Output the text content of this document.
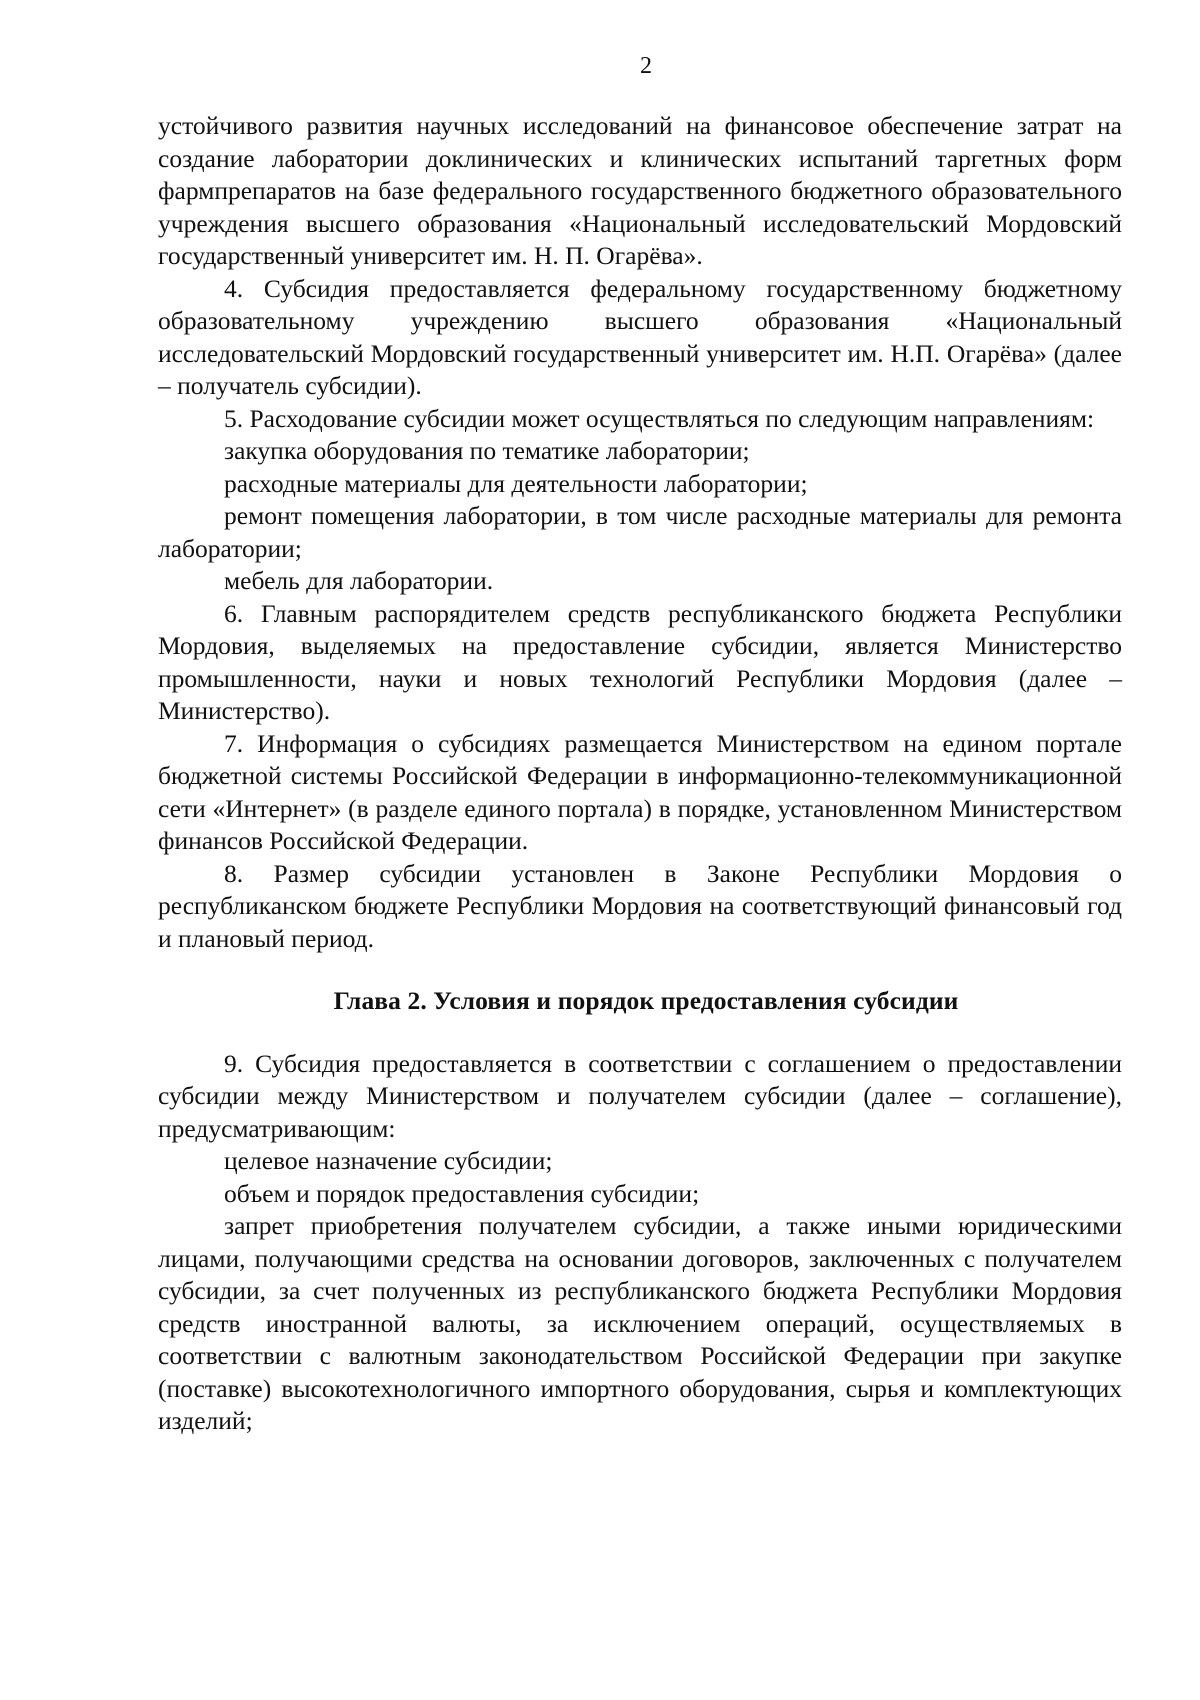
2
устойчивого развития научных исследований на финансовое обеспечение затрат на создание лаборатории доклинических и клинических испытаний таргетных форм фармпрепаратов на базе федерального государственного бюджетного образовательного учреждения высшего образования «Национальный исследовательский Мордовский государственный университет им. Н. П. Огарёва».
4. Субсидия предоставляется федеральному государственному бюджетному образовательному учреждению высшего образования «Национальный исследовательский Мордовский государственный университет им. Н.П. Огарёва» (далее – получатель субсидии).
5. Расходование субсидии может осуществляться по следующим направлениям:
закупка оборудования по тематике лаборатории;
расходные материалы для деятельности лаборатории;
ремонт помещения лаборатории, в том числе расходные материалы для ремонта лаборатории;
мебель для лаборатории.
6. Главным распорядителем средств республиканского бюджета Республики Мордовия, выделяемых на предоставление субсидии, является Министерство промышленности, науки и новых технологий Республики Мордовия (далее – Министерство).
7. Информация о субсидиях размещается Министерством на едином портале бюджетной системы Российской Федерации в информационно-телекоммуникационной сети «Интернет» (в разделе единого портала) в порядке, установленном Министерством финансов Российской Федерации.
8. Размер субсидии установлен в Законе Республики Мордовия о республиканском бюджете Республики Мордовия на соответствующий финансовый год и плановый период.
Глава 2. Условия и порядок предоставления субсидии
9. Субсидия предоставляется в соответствии с соглашением о предоставлении субсидии между Министерством и получателем субсидии (далее – соглашение), предусматривающим:
целевое назначение субсидии;
объем и порядок предоставления субсидии;
запрет приобретения получателем субсидии, а также иными юридическими лицами, получающими средства на основании договоров, заключенных с получателем субсидии, за счет полученных из республиканского бюджета Республики Мордовия средств иностранной валюты, за исключением операций, осуществляемых в соответствии с валютным законодательством Российской Федерации при закупке (поставке) высокотехнологичного импортного оборудования, сырья и комплектующих изделий;
